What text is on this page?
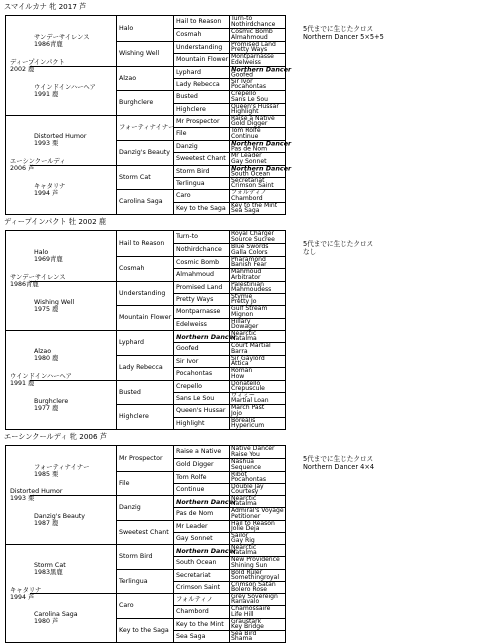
スマイルカナ 牝 2017 芦
5代までに生じたクロス
Northern Dancer 5×5+5
ディープインパクト
2002 鹿
エーシンクールディ
2006 芦
サンデーサイレンス
1986青鹿
ウインドインハーヘア
1991 鹿
Distorted Humor
1993 栗
キャタリナ
1994 芦
Halo
Wishing Well
Alzao
Burghclere
フォーティナイナー
Danzig's Beauty
Storm Cat
Carolina Saga
Hail to Reason
Cosmah
Understanding
Mountain Flower
Lyphard
Lady Rebecca
Busted
Highclere
Mr Prospector
File
Danzig
Sweetest Chant
Storm Bird
Terlingua
Caro
Key to the Saga
Turn-to
Nothirdchance
Cosmic Bomb
Almahmoud
Promised Land
Pretty Ways
Montparnasse
Edelweiss
Northern Dancer
Goofed
Sir Ivor
Pocahontas
Crepello
Sans Le Sou
Queen's Hussar
Highlight
Raise a Native
Gold Digger
Tom Rolfe
Continue
Northern Dancer
Pas de Nom
Mr Leader
Gay Sonnet
Northern Dancer
South Ocean
Secretariat
Crimson Saint
フォルティノ
Chambord
Key to the Mint
Sea Saga
ディープインパクト 牡 2002 鹿
5代までに生じたクロス
なし
サンデーサイレンス
1986青鹿
ウインドインハーヘア
1991 鹿
Halo
1969青鹿
Wishing Well
1975 鹿
Alzao
1980 鹿
Burghclere
1977 鹿
Hail to Reason
Cosmah
Understanding
Mountain Flower
Lyphard
Lady Rebecca
Busted
Highclere
Turn-to
Nothirdchance
Cosmic Bomb
Almahmoud
Promised Land
Pretty Ways
Montparnasse
Edelweiss
Northern Dancer
Goofed
Sir Ivor
Pocahontas
Crepello
Sans Le Sou
Queen's Hussar
Highlight
Royal Charger
Source Sucree
Blue Swords
Galla Colors
Pharamond
Banish Fear
Mahmoud
Arbitrator
Palestinian
Mahmoudess
Stymie
Pretty Jo
Gulf Stream
Mignon
Hillary
Dowager
Nearctic
Natalma
Court Martial
Barra
Sir Gaylord
Attica
Roman
How
Donatello
Crepuscule
ヴィミー
Martial Loan
March Past
Jojo
Borealis
Hypericum
エーシンクールディ 牝 2006 芦
5代までに生じたクロス
Northern Dancer 4×4
Distorted Humor
1993 栗
キャタリナ
1994 芦
フォーティナイナー
1985 栗
Danzig's Beauty
1987 鹿
Storm Cat
1983黒鹿
Carolina Saga
1980 芦
Mr Prospector
File
Danzig
Sweetest Chant
Storm Bird
Terlingua
Caro
Key to the Saga
Raise a Native
Gold Digger
Tom Rolfe
Continue
Northern Dancer
Pas de Nom
Mr Leader
Gay Sonnet
Northern Dancer
South Ocean
Secretariat
Crimson Saint
フォルティノ
Chambord
Key to the Mint
Sea Saga
Native Dancer
Raise You
Nashua
Sequence
Ribot
Pocahontas
Double Jay
Courtesy
Nearctic
Natalma
Admiral's Voyage
Petitioner
Hail to Reason
Jolie Deja
Sailor
Gay Rig
Nearctic
Natalma
New Providence
Shining Sun
Bold Ruler
Somethingroyal
Crimson Satan
Bolero Rose
Grey Sovereign
Ranavalo
Chamossaire
Life Hill
Graustark
Key Bridge
Sea Bird
Shama
